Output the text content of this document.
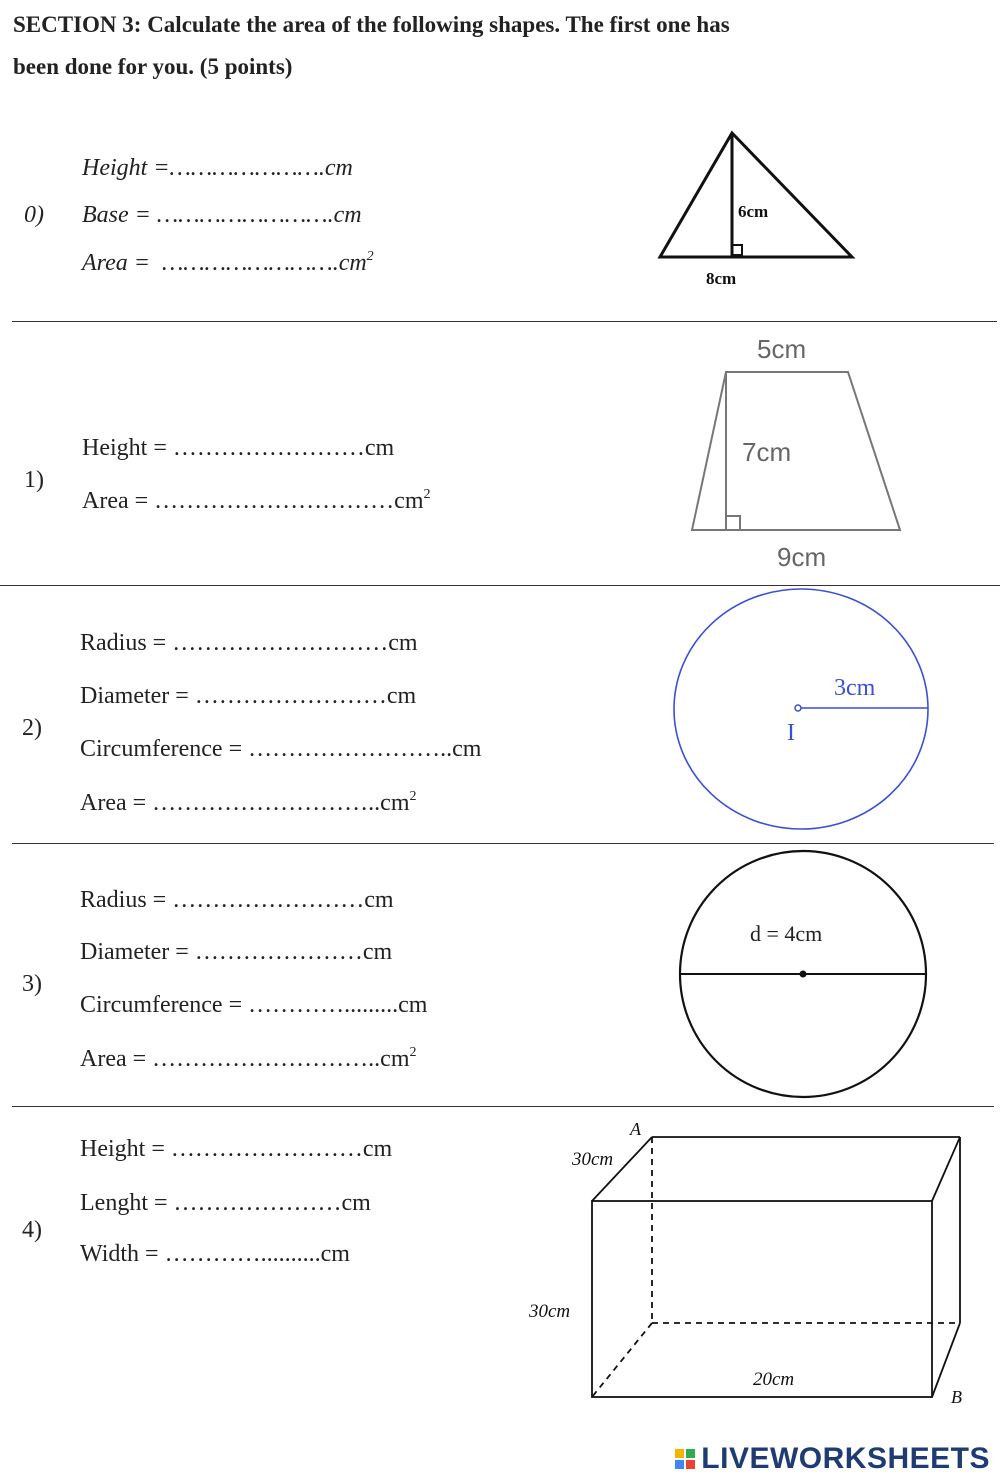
SECTION 3: Calculate the area of the following shapes. The first one has
been done for you. (5 points)
0)
Height =………………….cm
Base = …………………….cm
Area = $\dots\dots\dots\dots\dots\dots\dots\dots.cm^2$
6cm
8cm
1)
Height = ……………………cm
Area = $\dots\dots\dots\dots\dots\dots\dots\dots\dots\dots cm^2$
5cm
7cm
9cm
2)
Radius = ………………………cm
Diameter = ……………………cm
Circumference = ……………………..cm
Area = $\dots\dots\dots\dots\dots\dots\dots\dots\dots..cm^2$
3cm
I
3)
Radius = ……………………cm
Diameter = …………………cm
Circumference = ………….........cm
Area = $\dots\dots\dots\dots\dots\dots\dots\dots\dots..cm^2$
d = 4cm
4)
Height = ……………………cm
Lenght = …………………cm
Width = …………..........cm
A
B
30cm
30cm
20cm
LIVEWORKSHEETS
